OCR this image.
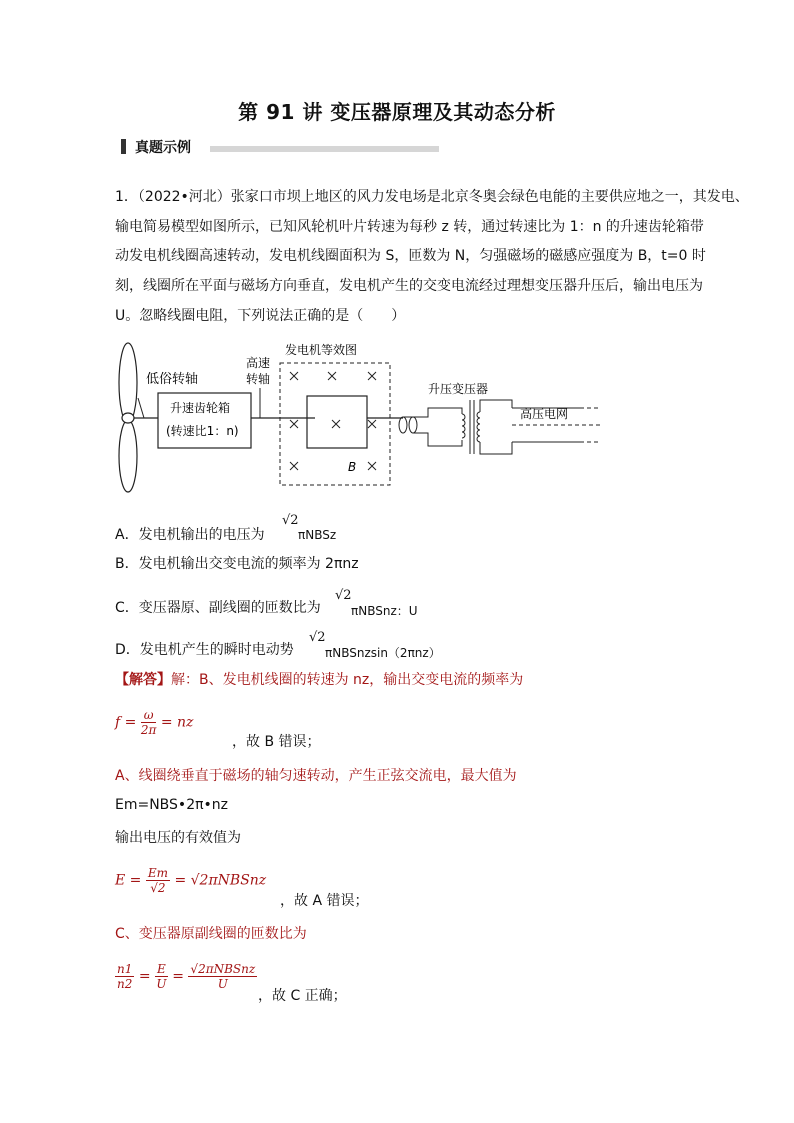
第 91 讲 变压器原理及其动态分析
真题示例
1．（2022•河北）张家口市坝上地区的风力发电场是北京冬奥会绿色电能的主要供应地之一，其发电、
输电简易模型如图所示，已知风轮机叶片转速为每秒 z 转，通过转速比为 1：n 的升速齿轮箱带
动发电机线圈高速转动，发电机线圈面积为 S，匝数为 N，匀强磁场的磁感应强度为 B，t=0 时
刻，线圈所在平面与磁场方向垂直，发电机产生的交变电流经过理想变压器升压后，输出电压为
U。忽略线圈电阻，下列说法正确的是（　　）
低俗转轴
升速齿轮箱
(转速比1：n)
高速
转轴
发电机等效图
B
升压变压器
高压电网
A．发电机输出的电压为
√2
πNBSz
B．发电机输出交变电流的频率为 2πnz
C．变压器原、副线圈的匝数比为
√2
πNBSnz：U
D．发电机产生的瞬时电动势
√2
πNBSnzsin（2πnz）
【解答】解：B、发电机线圈的转速为 nz，输出交变电流的频率为
$f = \frac{\omega}{2\pi}$ = nz
，故 B 错误；
A、线圈绕垂直于磁场的轴匀速转动，产生正弦交流电，最大值为
Em=NBS•2π•nz
输出电压的有效值为
$E = \frac{Em}{√2}$ = √2πNBSnz
，故 A 错误；
C、变压器原副线圈的匝数比为
$\frac{n1}{n2} = \frac{E}{U} = \frac{\text{√2πNBSnz}}{U}$
，故 C 正确；
